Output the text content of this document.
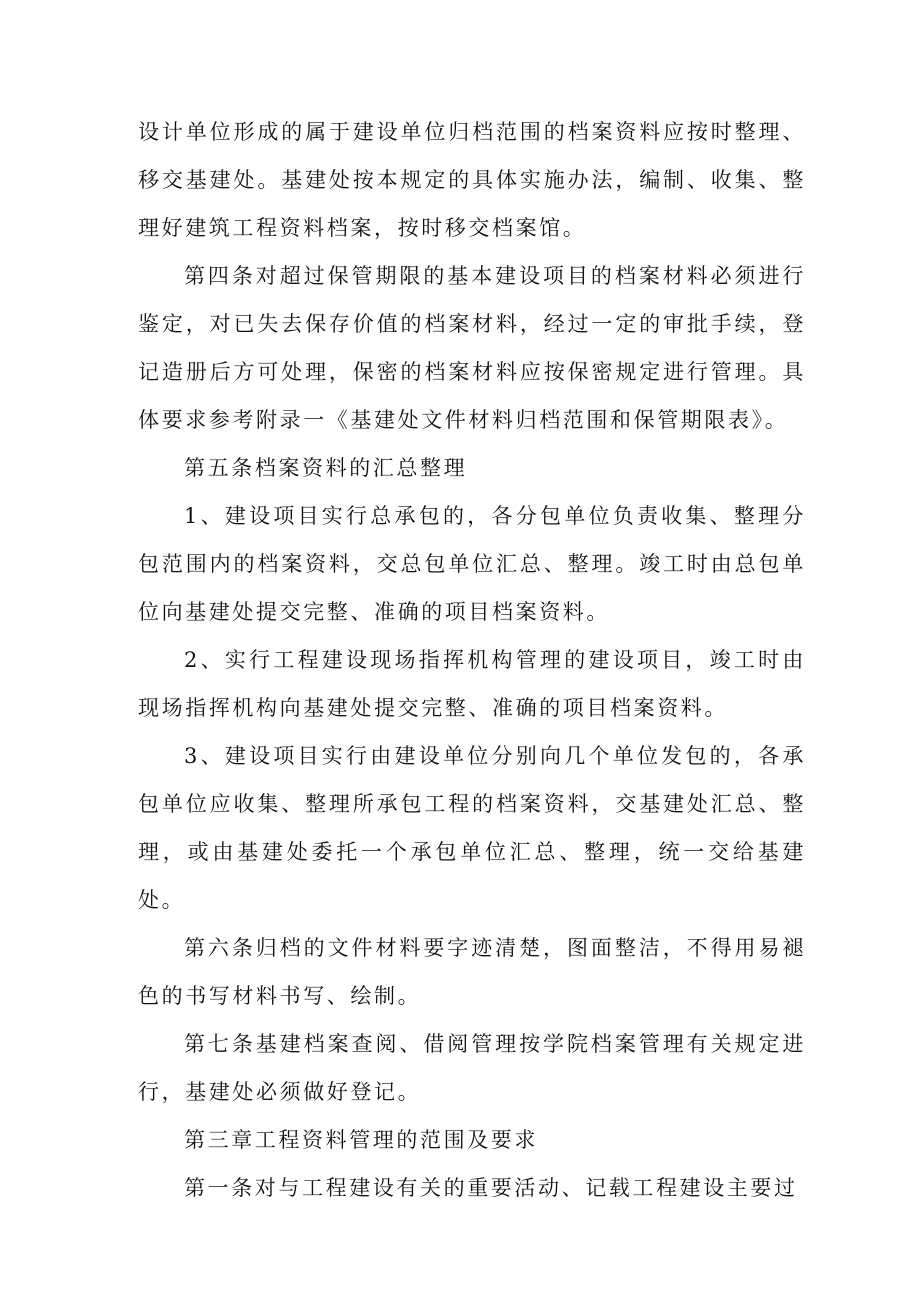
设计单位形成的属于建设单位归档范围的档案资料应按时整理、移交基建处。基建处按本规定的具体实施办法，编制、收集、整理好建筑工程资料档案，按时移交档案馆。

第四条对超过保管期限的基本建设项目的档案材料必须进行鉴定，对已失去保存价值的档案材料，经过一定的审批手续，登记造册后方可处理，保密的档案材料应按保密规定进行管理。具体要求参考附录一《基建处文件材料归档范围和保管期限表》。

第五条档案资料的汇总整理

1、建设项目实行总承包的，各分包单位负责收集、整理分包范围内的档案资料，交总包单位汇总、整理。竣工时由总包单位向基建处提交完整、准确的项目档案资料。

2、实行工程建设现场指挥机构管理的建设项目，竣工时由现场指挥机构向基建处提交完整、准确的项目档案资料。

3、建设项目实行由建设单位分别向几个单位发包的，各承包单位应收集、整理所承包工程的档案资料，交基建处汇总、整理，或由基建处委托一个承包单位汇总、整理，统一交给基建处。

第六条归档的文件材料要字迹清楚，图面整洁，不得用易褪色的书写材料书写、绘制。

第七条基建档案查阅、借阅管理按学院档案管理有关规定进行，基建处必须做好登记。

第三章工程资料管理的范围及要求

第一条对与工程建设有关的重要活动、记载工程建设主要过
